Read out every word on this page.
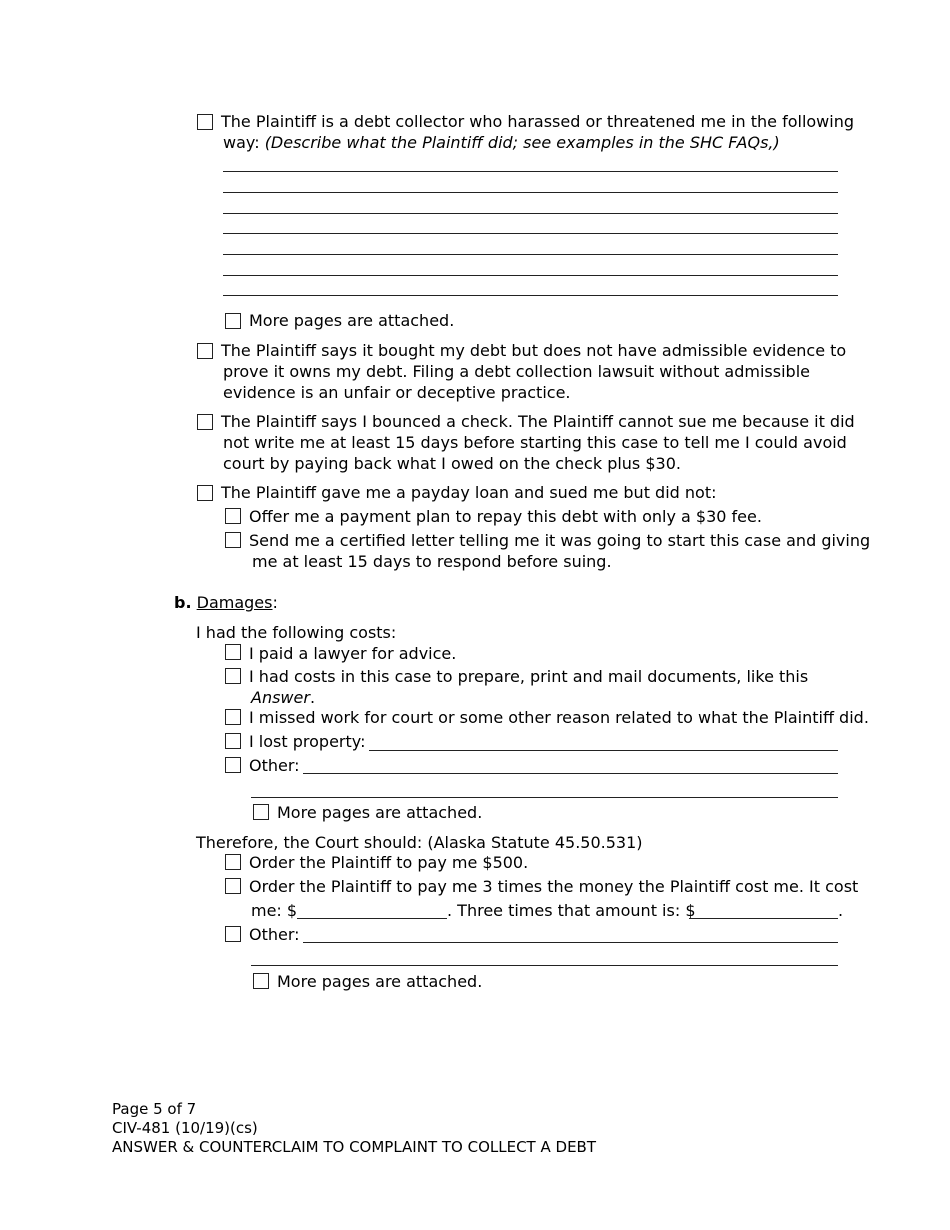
The Plaintiff is a debt collector who harassed or threatened me in the following
way: (Describe what the Plaintiff did; see examples in the SHC FAQs,)
More pages are attached.
The Plaintiff says it bought my debt but does not have admissible evidence to
prove it owns my debt. Filing a debt collection lawsuit without admissible
evidence is an unfair or deceptive practice.
The Plaintiff says I bounced a check. The Plaintiff cannot sue me because it did
not write me at least 15 days before starting this case to tell me I could avoid
court by paying back what I owed on the check plus $30.
The Plaintiff gave me a payday loan and sued me but did not:
Offer me a payment plan to repay this debt with only a $30 fee.
Send me a certified letter telling me it was going to start this case and giving
me at least 15 days to respond before suing.
b. Damages:
I had the following costs:
I paid a lawyer for advice.
I had costs in this case to prepare, print and mail documents, like this
Answer.
I missed work for court or some other reason related to what the Plaintiff did.
I lost property:
Other:
More pages are attached.
Therefore, the Court should: (Alaska Statute 45.50.531)
Order the Plaintiff to pay me $500.
Order the Plaintiff to pay me 3 times the money the Plaintiff cost me. It cost
me: $	. Three times that amount is: $	.
Other:
More pages are attached.
Page 5 of 7
CIV-481 (10/19)(cs)
ANSWER & COUNTERCLAIM TO COMPLAINT TO COLLECT A DEBT
